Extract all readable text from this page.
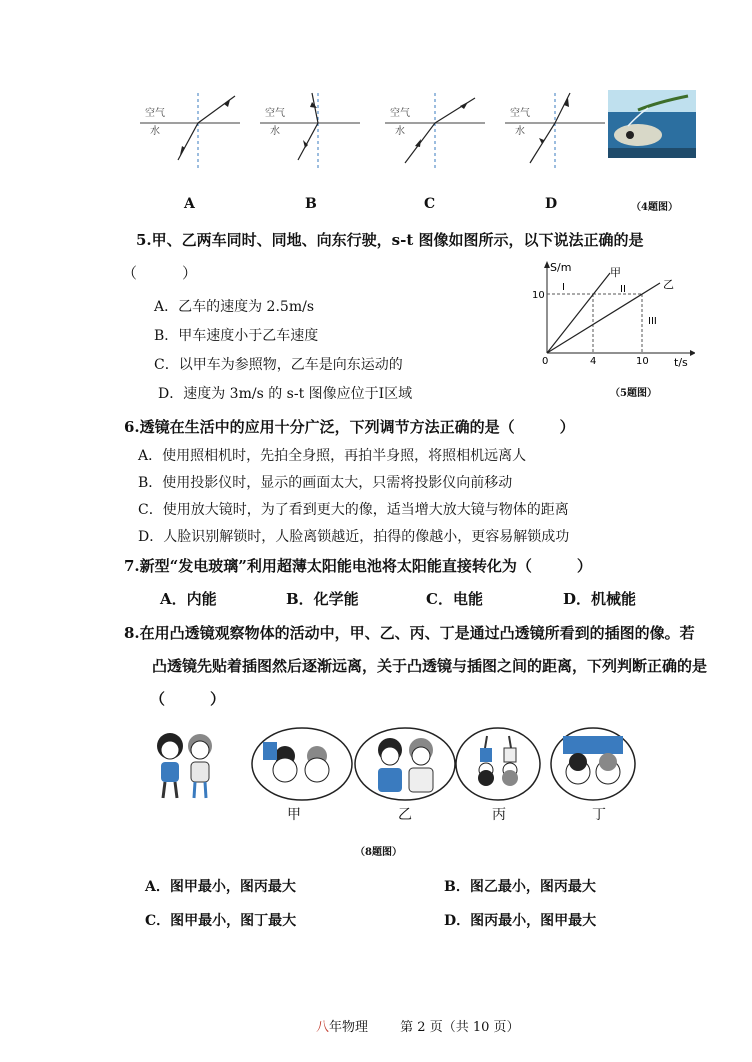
空气
水
空气
水
空气
水
空气
水
A	B	C	D	（4题图）
5.甲、乙两车同时、同地、向东行驶，s-t 图像如图所示，以下说法正确的是
（　　　）
A．乙车的速度为 2.5m/s
B．甲车速度小于乙车速度
C．以甲车为参照物，乙车是向东运动的
D．速度为 3m/s 的 s-t 图像应位于Ⅰ区域
S/m
t/s
0
10
4	10
甲
乙
I	II
III
（5题图）
6.透镜在生活中的应用十分广泛，下列调节方法正确的是（　　　）
A．使用照相机时，先拍全身照，再拍半身照，将照相机远离人
B．使用投影仪时，显示的画面太大，只需将投影仪向前移动
C．使用放大镜时，为了看到更大的像，适当增大放大镜与物体的距离
D．人脸识别解锁时，人脸离锁越近，拍得的像越小，更容易解锁成功
7.新型“发电玻璃”利用超薄太阳能电池将太阳能直接转化为（　　　）
A．内能	B．化学能	C．电能	D．机械能
8.在用凸透镜观察物体的活动中，甲、乙、丙、丁是通过凸透镜所看到的插图的像。若
凸透镜先贴着插图然后逐渐远离，关于凸透镜与插图之间的距离，下列判断正确的是
（　　　）
甲	乙	丙	丁
（8题图）
A．图甲最小，图丙最大	B．图乙最小，图丙最大
C．图甲最小，图丁最大	D．图丙最小，图甲最大
八年物理 第 2 页（共 10 页）
